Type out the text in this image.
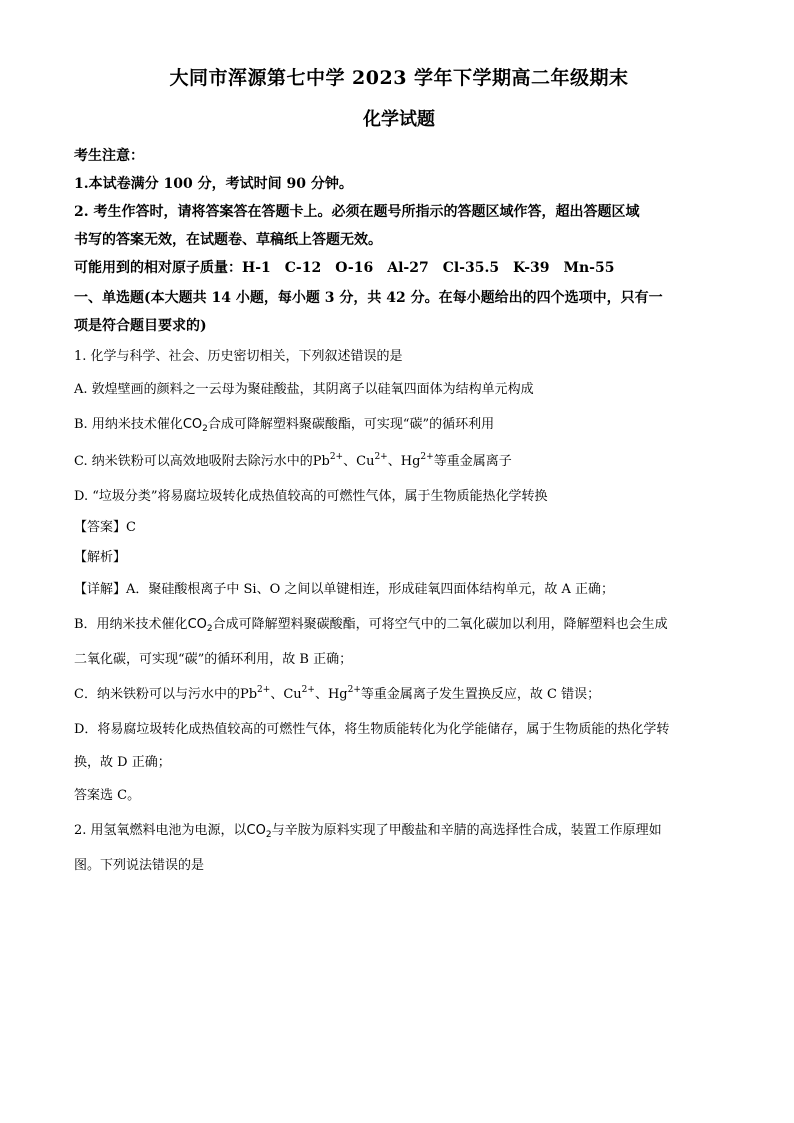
大同市浑源第七中学 2023 学年下学期高二年级期末

化学试题

考生注意：

1.本试卷满分 100 分，考试时间 90 分钟。

2. 考生作答时，请将答案答在答题卡上。必须在题号所指示的答题区域作答，超出答题区域

书写的答案无效，在试题卷、草稿纸上答题无效。

可能用到的相对原子质量：H-1　C-12　O-16　Al-27　Cl-35.5　K-39　Mn-55

一、单选题(本大题共 14 小题，每小题 3 分，共 42 分。在每小题给出的四个选项中，只有一

项是符合题目要求的)

1. 化学与科学、社会、历史密切相关，下列叙述错误的是

A. 敦煌壁画的颜料之一云母为聚硅酸盐，其阴离子以硅氧四面体为结构单元构成

B. 用纳米技术催化$CO_2$合成可降解塑料聚碳酸酯，可实现“碳”的循环利用

C. 纳米铁粉可以高效地吸附去除污水中的$Pb^{2+}$、$Cu^{2+}$、$Hg^{2+}$等重金属离子

D. “垃圾分类”将易腐垃圾转化成热值较高的可燃性气体，属于生物质能热化学转换

【答案】C

【解析】

【详解】A．聚硅酸根离子中 Si、O 之间以单键相连，形成硅氧四面体结构单元，故 A 正确；

B．用纳米技术催化$CO_2$合成可降解塑料聚碳酸酯，可将空气中的二氧化碳加以利用，降解塑料也会生成

二氧化碳，可实现“碳”的循环利用，故 B 正确；

C．纳米铁粉可以与污水中的$Pb^{2+}$、$Cu^{2+}$、$Hg^{2+}$等重金属离子发生置换反应，故 C 错误；

D．将易腐垃圾转化成热值较高的可燃性气体，将生物质能转化为化学能储存，属于生物质能的热化学转

换，故 D 正确；

答案选 C。

2. 用氢氧燃料电池为电源，以$CO_2$与辛胺为原料实现了甲酸盐和辛腈的高选择性合成，装置工作原理如

图。下列说法错误的是
